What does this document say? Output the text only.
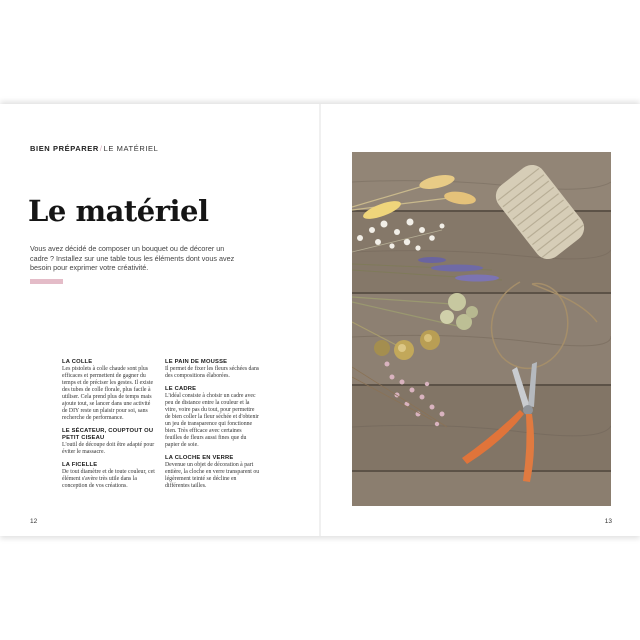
BIEN PRÉPARER/LE MATÉRIEL
Le matériel
Vous avez décidé de composer un bouquet ou de décorer un cadre ? Installez sur une table tous les éléments dont vous avez besoin pour exprimer votre créativité.
LA COLLE

Les pistolets à colle chaude sont plus efficaces et permettent de gagner du temps et de préciser les gestes. Il existe des tubes de colle florale, plus facile à utiliser. Cela prend plus de temps mais ajoute tout, se lancer dans une activité de DIY reste un plaisir pour soi, sans recherche de performance.

LE SÉCATEUR, COUPTOUT OU PETIT CISEAU

L'outil de découpe doit être adapté pour éviter le massacre.

LA FICELLE

De tout diamètre et de toute couleur, cet élément s'avère très utile dans la conception de vos créations.

LE PAIN DE MOUSSE

Il permet de fixer les fleurs séchées dans des compositions élaborées.

LE CADRE

L'idéal consiste à choisir un cadre avec peu de distance entre la couleur et la vitre, voire pas du tout, pour permettre de bien coller la fleur séchée et d'obtenir un jeu de transparence qui fonctionne bien. Très efficace avec certaines feuilles de fleurs aussi fines que du papier de soie.

LA CLOCHE EN VERRE

Devenue un objet de décoration à part entière, la cloche en verre transparent ou légèrement teinté se décline en différentes tailles.

12	13
